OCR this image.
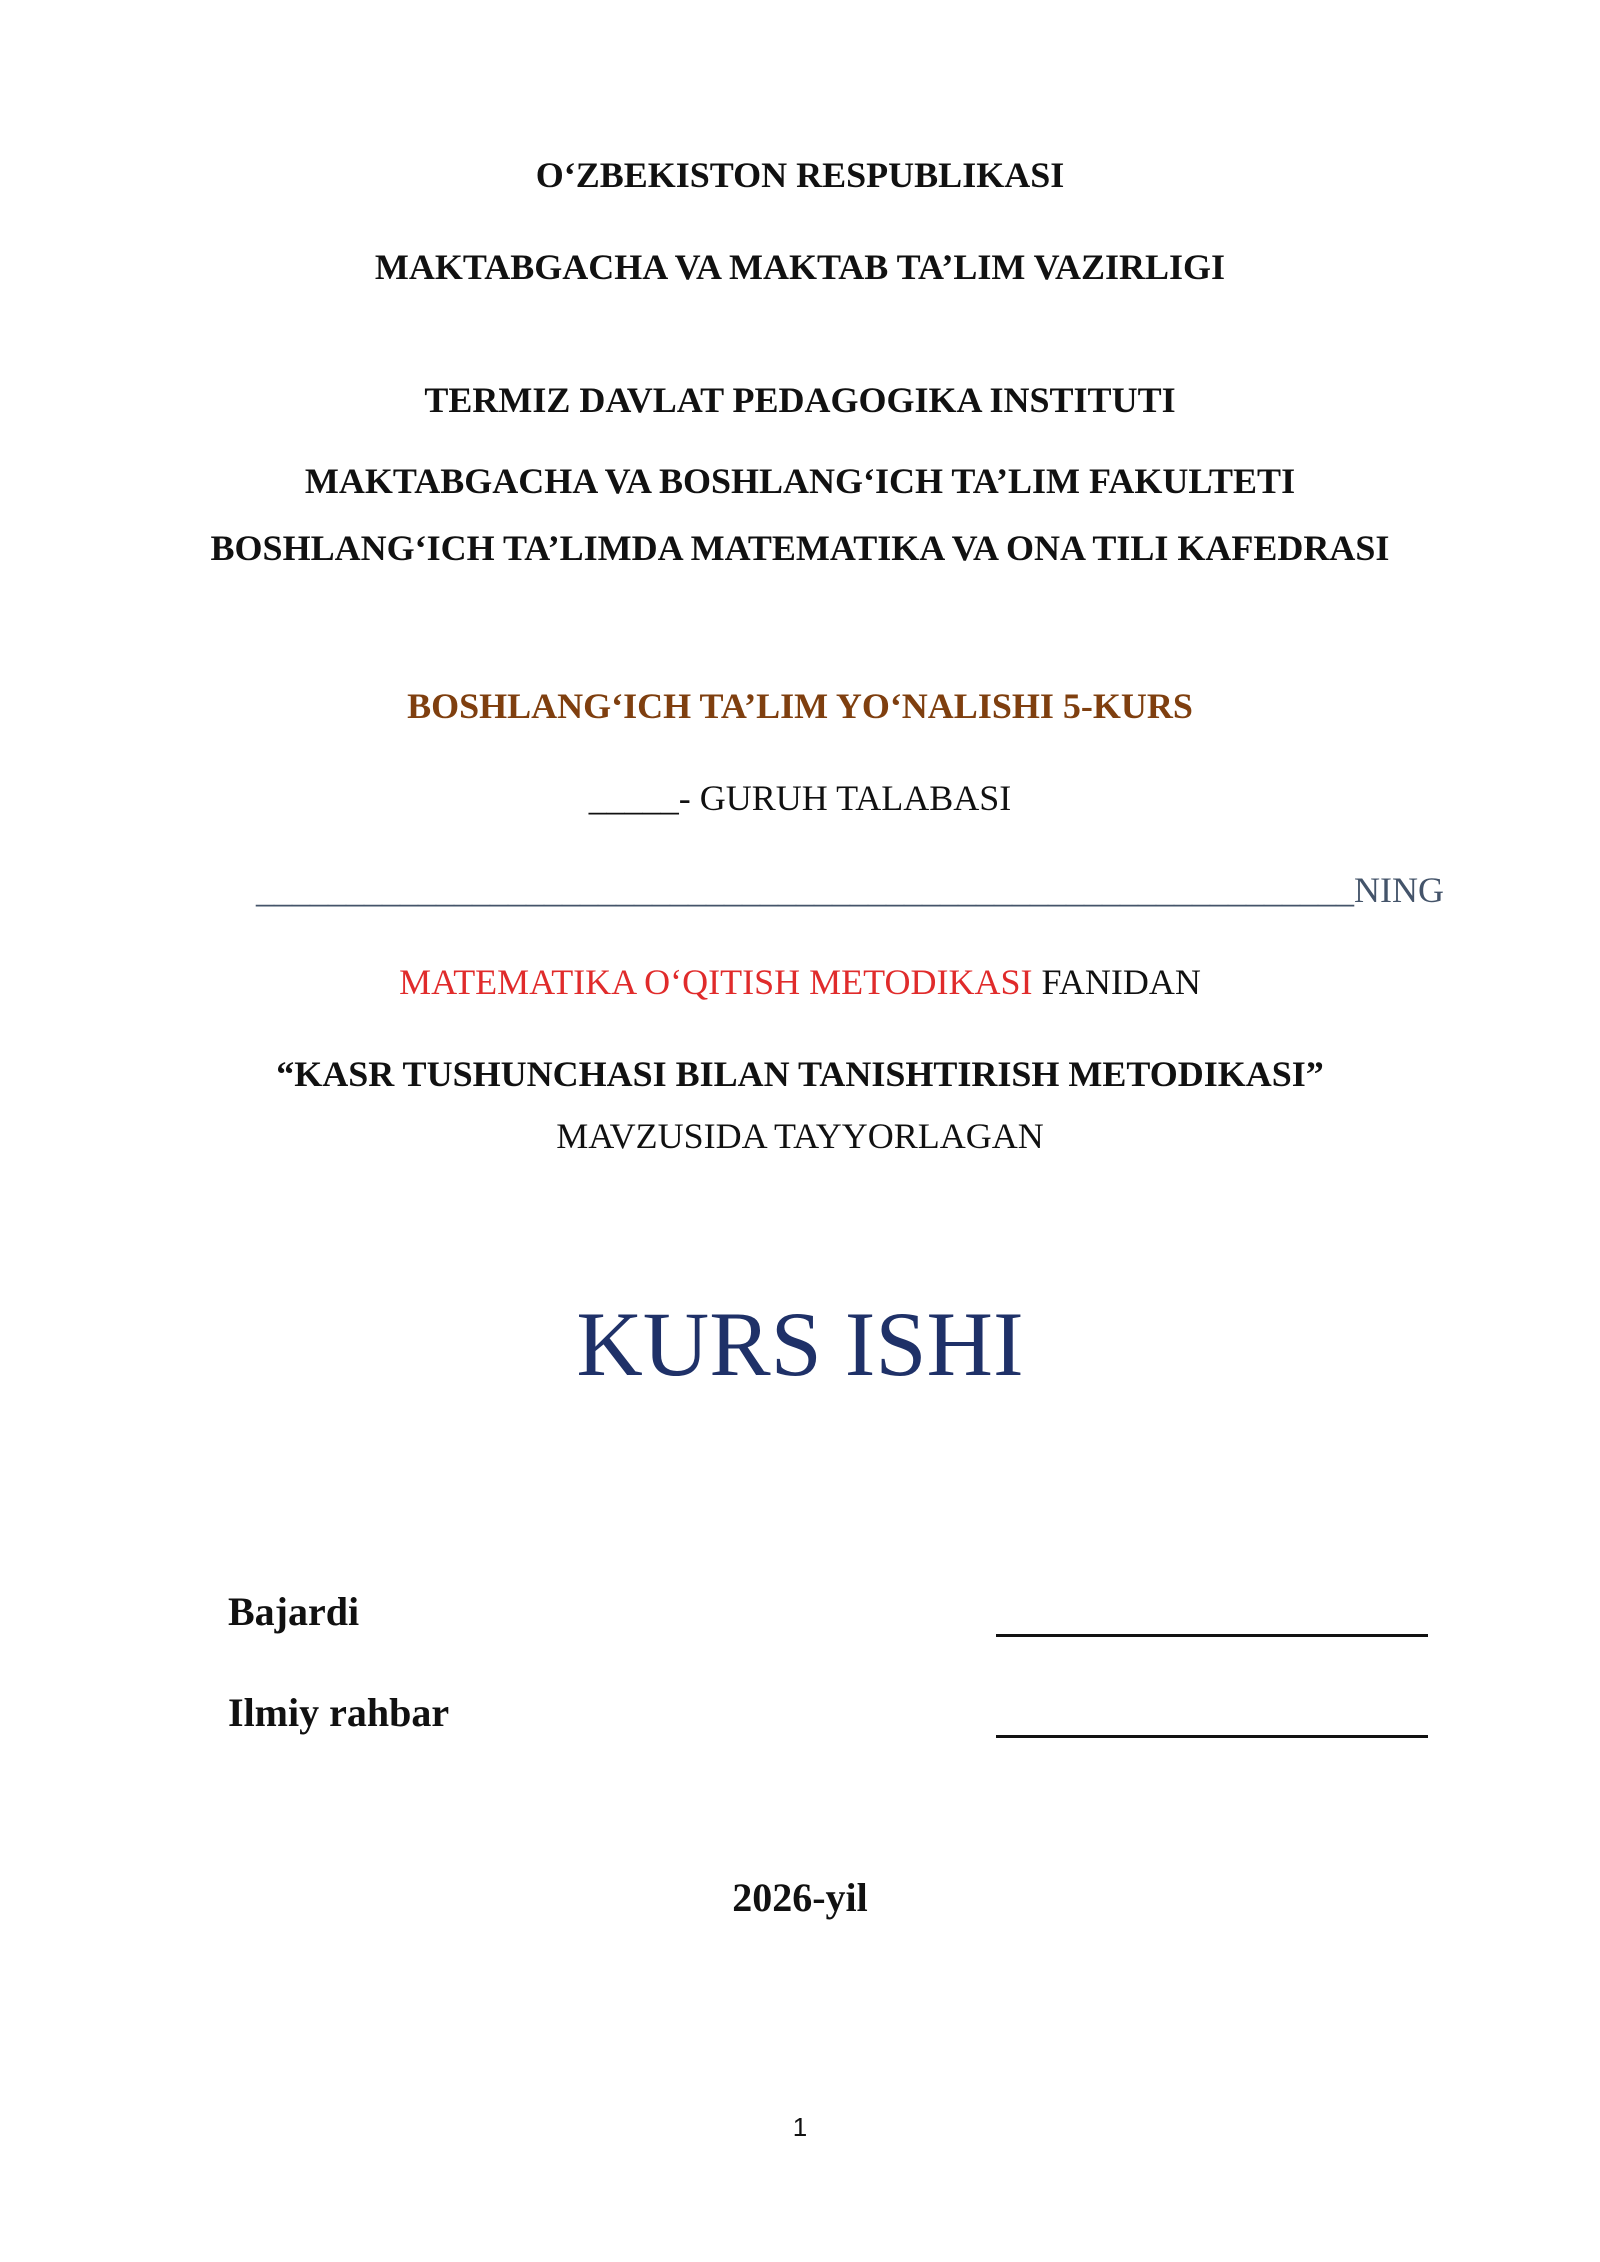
O‘ZBEKISTON RESPUBLIKASI
MAKTABGACHA VA MAKTAB TA’LIM VAZIRLIGI
TERMIZ DAVLAT PEDAGOGIKA INSTITUTI
MAKTABGACHA VA BOSHLANG‘ICH TA’LIM FAKULTETI
BOSHLANG‘ICH TA’LIMDA MATEMATIKA VA ONA TILI KAFEDRASI
BOSHLANG‘ICH TA’LIM YO‘NALISHI 5-KURS
_____- GURUH TALABASI
_____________________________________________________________NING
MATEMATIKA O‘QITISH METODIKASI FANIDAN
“KASR TUSHUNCHASI BILAN TANISHTIRISH METODIKASI”
MAVZUSIDA TAYYORLAGAN
KURS ISHI
Bajardi
Ilmiy rahbar
2026-yil
1
